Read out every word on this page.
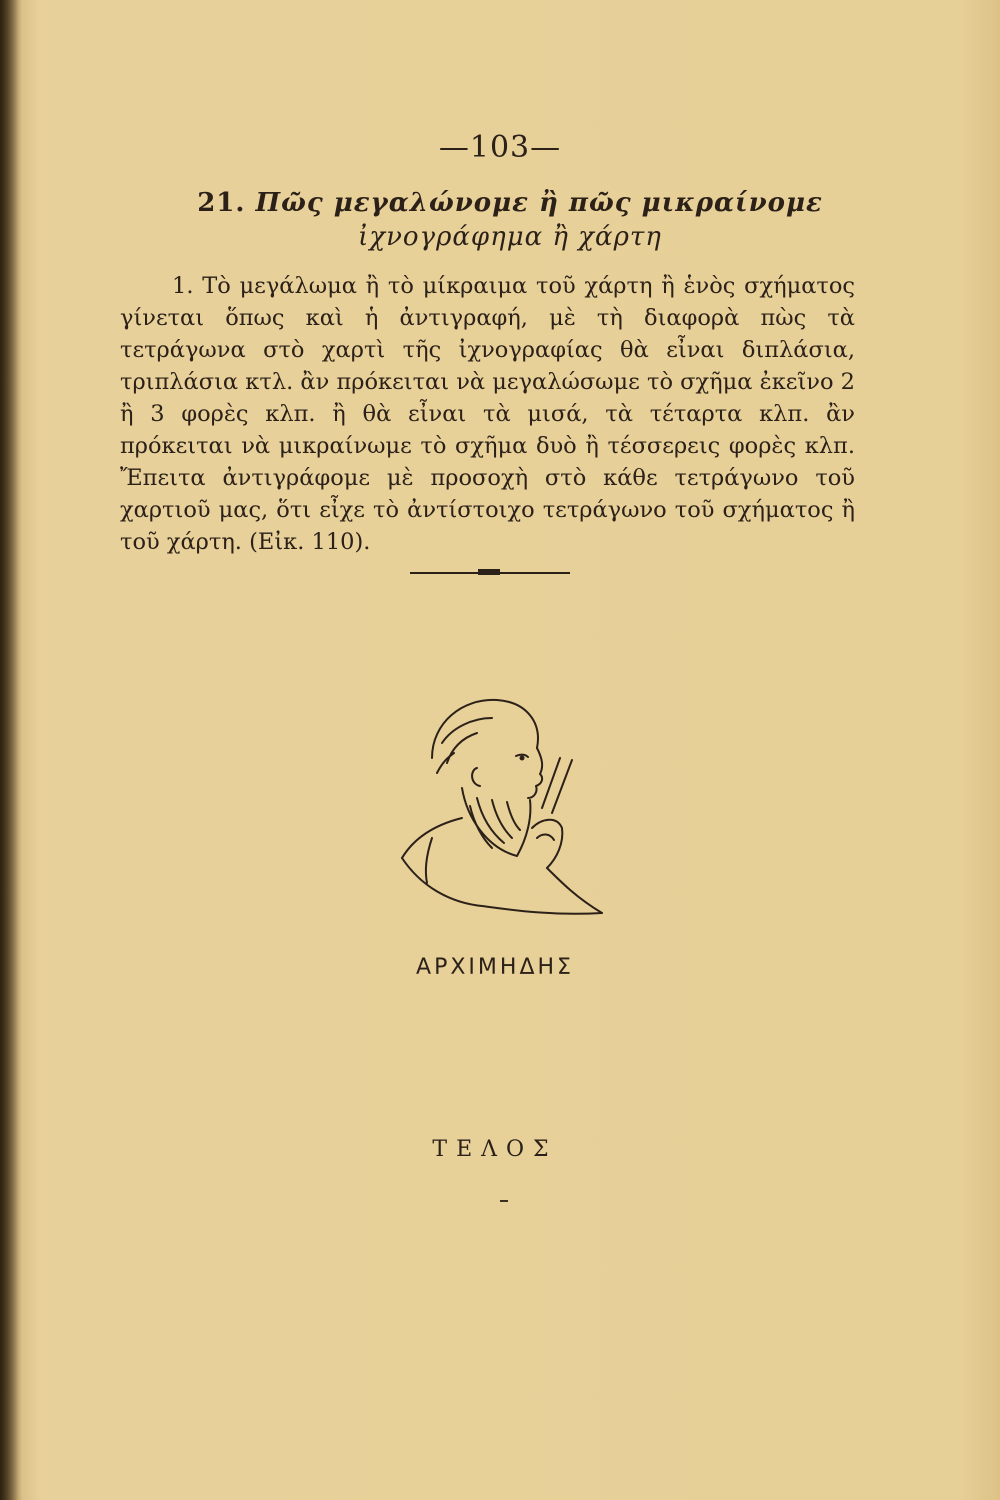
—103—
21. Πῶς μεγαλώνομε ἢ πῶς μικραίνομε
ἰχνογράφημα ἢ χάρτη

1. Τὸ μεγάλωμα ἢ τὸ μίκραιμα τοῦ χάρτη ἢ ἑνὸς σχήματος γίνεται ὅπως καὶ ἡ ἀντιγραφή, μὲ τὴ διαφορὰ πὼς τὰ τετράγωνα στὸ χαρτὶ τῆς ἰχνογραφίας θὰ εἶναι διπλάσια, τριπλάσια κτλ. ἂν πρόκειται νὰ μεγαλώσωμε τὸ σχῆμα ἐκεῖνο 2 ἢ 3 φορὲς κλπ. ἢ θὰ εἶναι τὰ μισά, τὰ τέταρτα κλπ. ἂν πρόκειται νὰ μικραίνωμε τὸ σχῆμα δυὸ ἢ τέσσερεις φορὲς κλπ. Ἔπειτα ἀντιγράφομε μὲ προσοχὴ στὸ κάθε τετράγωνο τοῦ χαρτιοῦ μας, ὅτι εἶχε τὸ ἀντίστοιχο τετράγωνο τοῦ σχήματος ἢ τοῦ χάρτη. (Εἰκ. 110).

ΑΡΧΙΜΗΔΗΣ
ΤΕΛΟΣ
